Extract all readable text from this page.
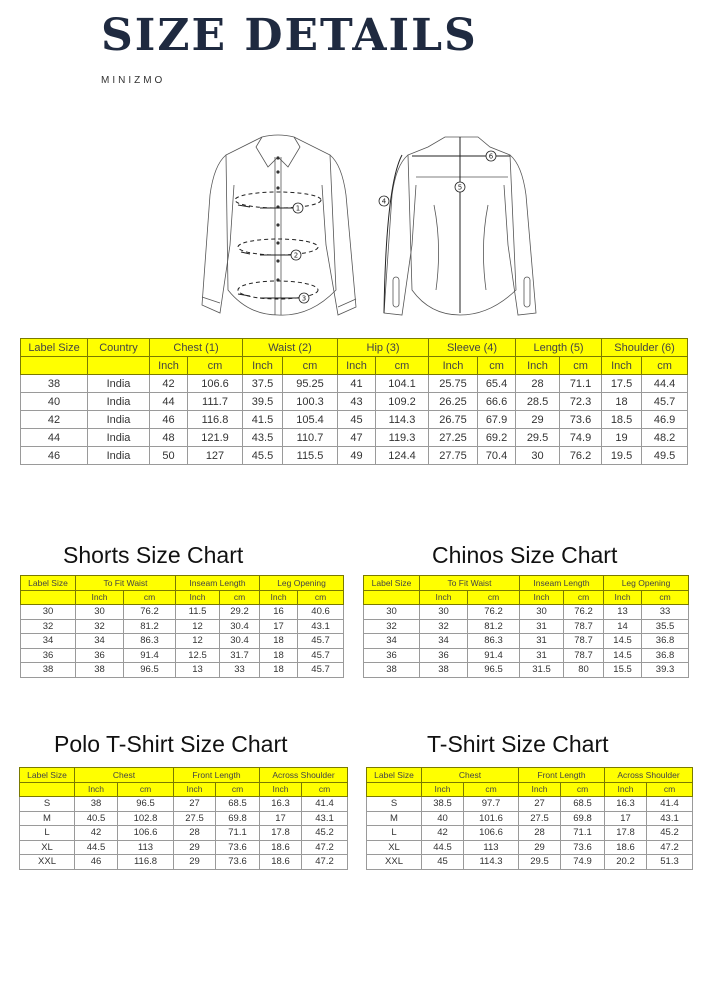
SIZE DETAILS
MINIZMO
1
2
3
4
5
6
Label Size	Country	Chest (1)		Waist (2)		Hip (3)		Sleeve (4)		Length (5)		Shoulder (6)	
		Inch	cm	Inch	cm	Inch	cm	Inch	cm	Inch	cm	Inch	cm
38	India	42	106.6	37.5	95.25	41	104.1	25.75	65.4	28	71.1	17.5	44.4
40	India	44	111.7	39.5	100.3	43	109.2	26.25	66.6	28.5	72.3	18	45.7
42	India	46	116.8	41.5	105.4	45	114.3	26.75	67.9	29	73.6	18.5	46.9
44	India	48	121.9	43.5	110.7	47	119.3	27.25	69.2	29.5	74.9	19	48.2
46	India	50	127	45.5	115.5	49	124.4	27.75	70.4	30	76.2	19.5	49.5
Shorts Size Chart
Label Size	To Fit Waist		Inseam Length		Leg Opening	
	Inch	cm	Inch	cm	Inch	cm
30	30	76.2	11.5	29.2	16	40.6
32	32	81.2	12	30.4	17	43.1
34	34	86.3	12	30.4	18	45.7
36	36	91.4	12.5	31.7	18	45.7
38	38	96.5	13	33	18	45.7
Chinos Size Chart
Label Size	To Fit Waist		Inseam Length		Leg Opening	
	Inch	cm	Inch	cm	Inch	cm
30	30	76.2	30	76.2	13	33
32	32	81.2	31	78.7	14	35.5
34	34	86.3	31	78.7	14.5	36.8
36	36	91.4	31	78.7	14.5	36.8
38	38	96.5	31.5	80	15.5	39.3
Polo T-Shirt Size Chart
Label Size	Chest		Front Length		Across Shoulder	
	Inch	cm	Inch	cm	Inch	cm
S	38	96.5	27	68.5	16.3	41.4
M	40.5	102.8	27.5	69.8	17	43.1
L	42	106.6	28	71.1	17.8	45.2
XL	44.5	113	29	73.6	18.6	47.2
XXL	46	116.8	29	73.6	18.6	47.2
T-Shirt Size Chart
Label Size	Chest		Front Length		Across Shoulder	
	Inch	cm	Inch	cm	Inch	cm
S	38.5	97.7	27	68.5	16.3	41.4
M	40	101.6	27.5	69.8	17	43.1
L	42	106.6	28	71.1	17.8	45.2
XL	44.5	113	29	73.6	18.6	47.2
XXL	45	114.3	29.5	74.9	20.2	51.3
